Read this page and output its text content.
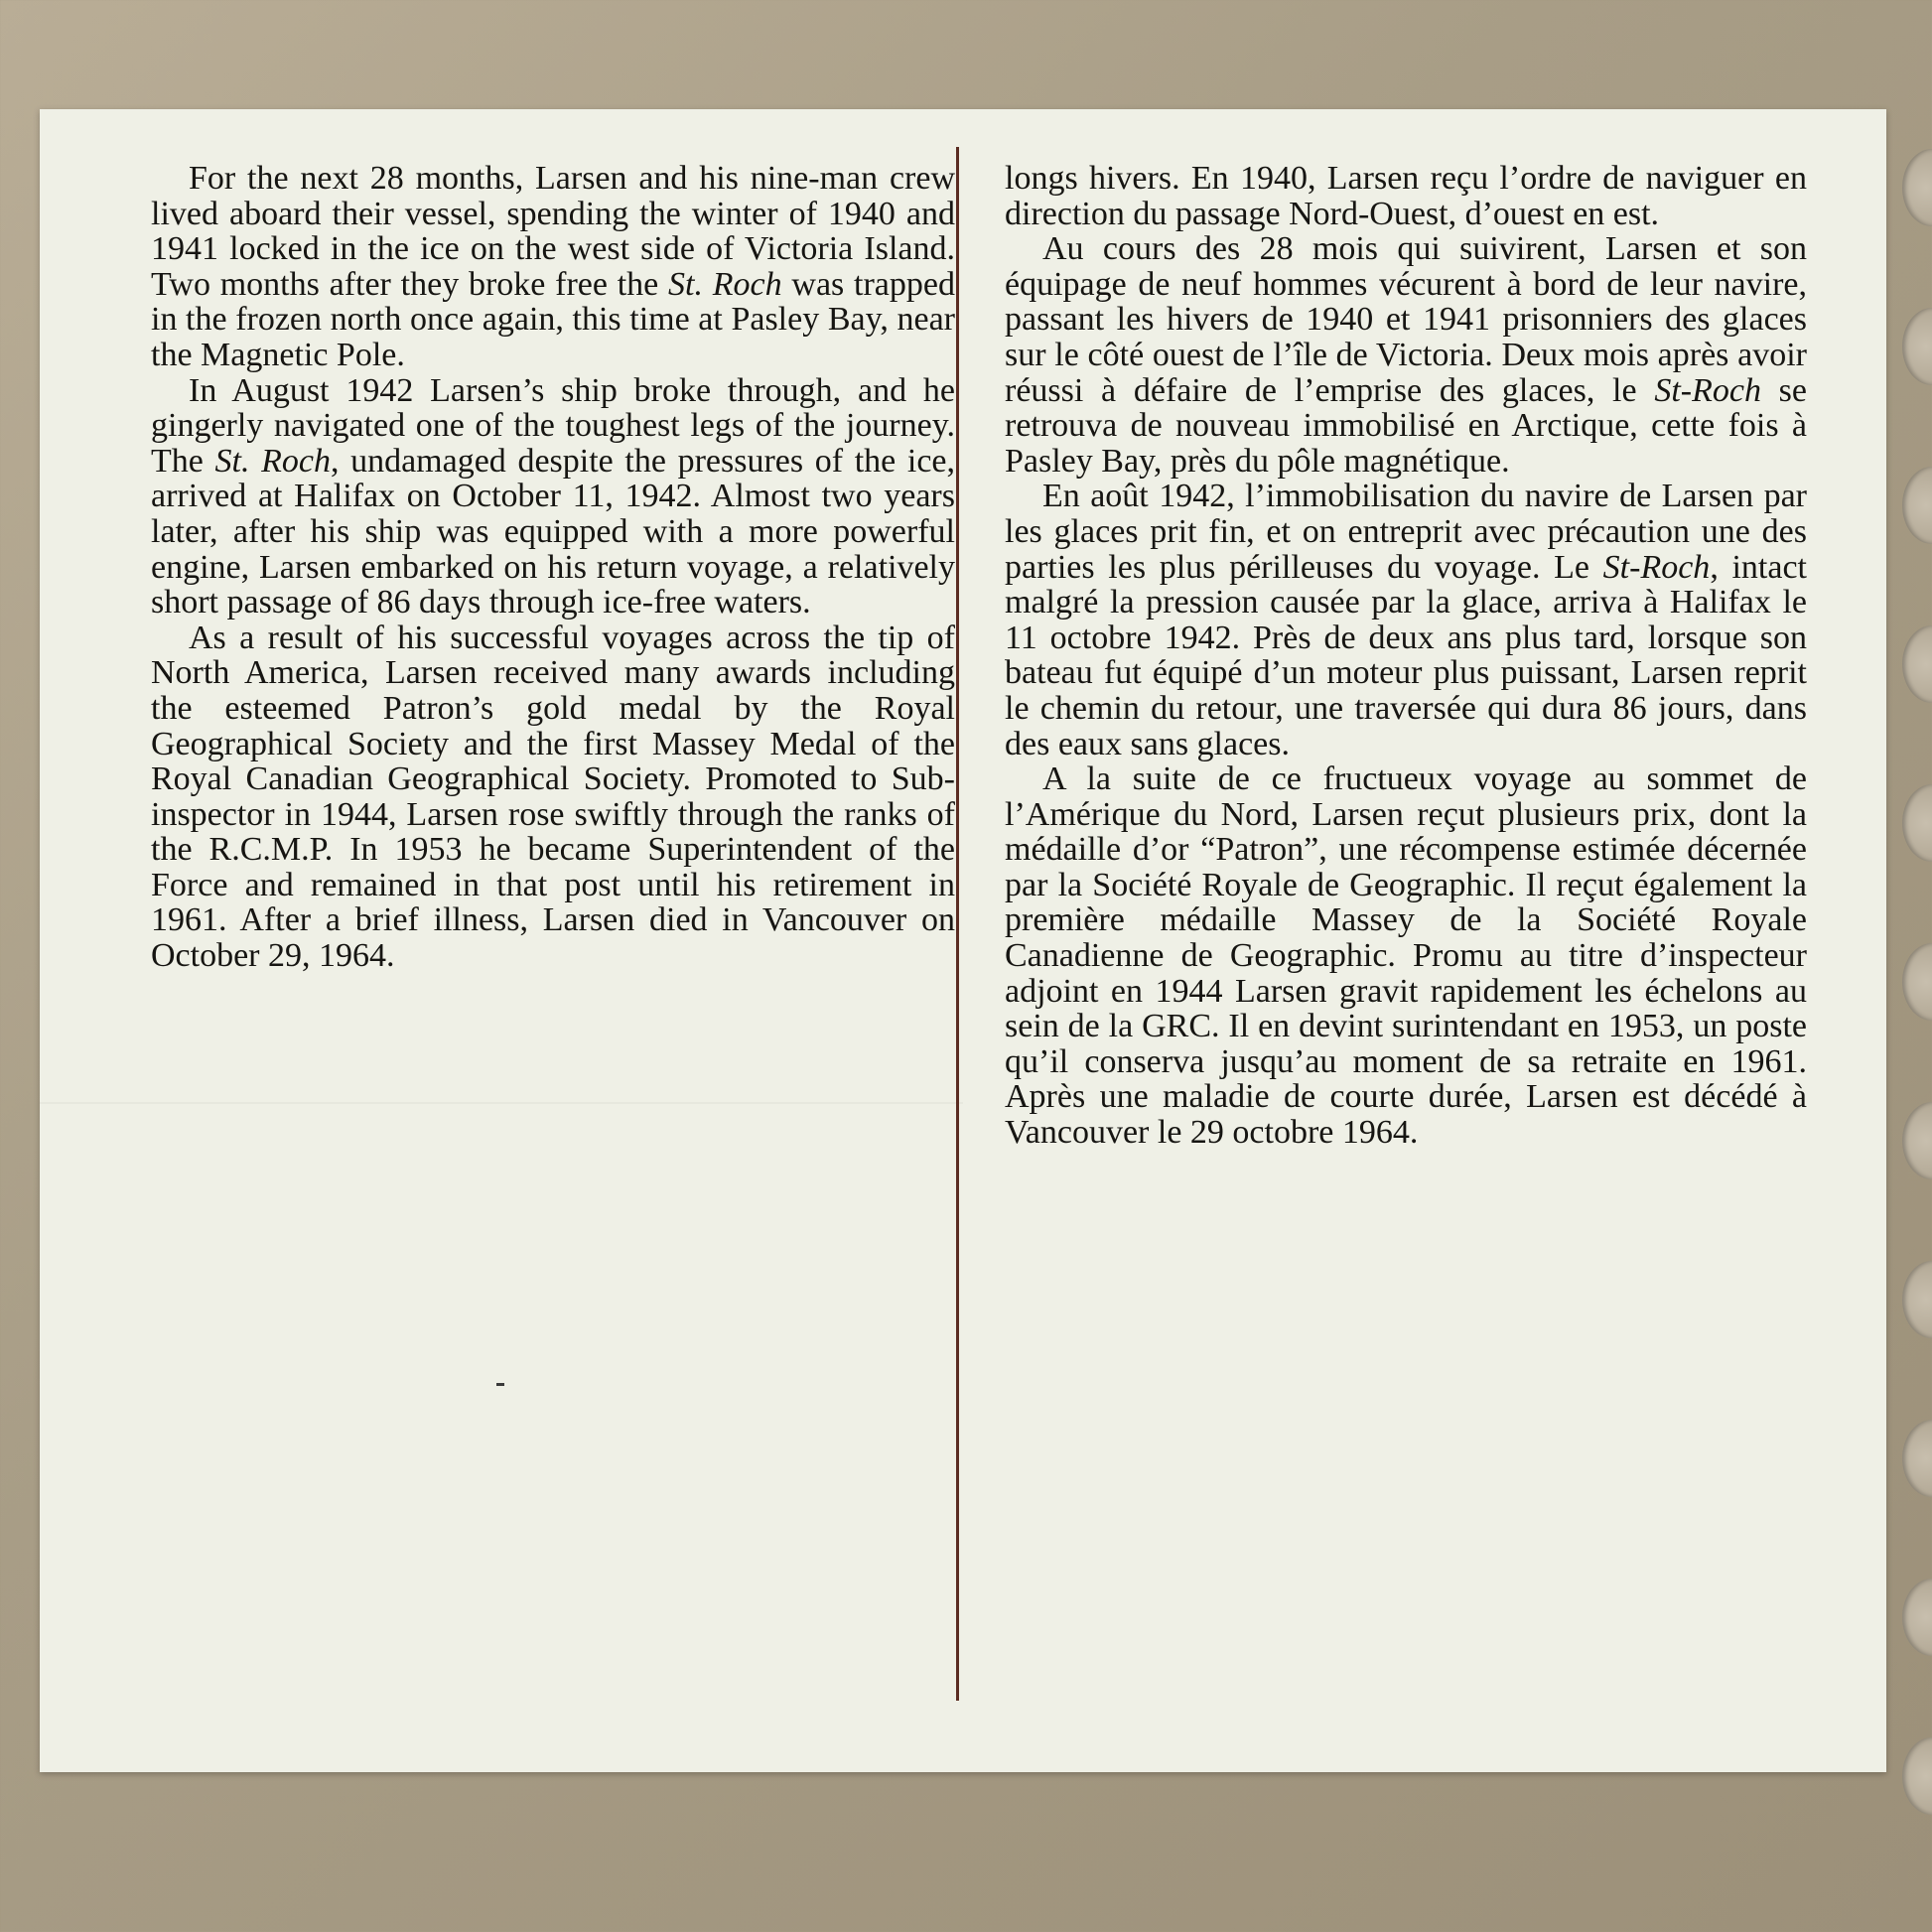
For the next 28 months, Larsen and his nine-man crew lived aboard their vessel, spending the winter of 1940 and 1941 locked in the ice on the west side of Victoria Island. Two months after they broke free the St. Roch was trapped in the frozen north once again, this time at Pasley Bay, near the Magnetic Pole.

In August 1942 Larsen’s ship broke through, and he gingerly navigated one of the toughest legs of the journey. The St. Roch, undamaged despite the pressures of the ice, arrived at Halifax on October 11, 1942. Almost two years later, after his ship was equipped with a more powerful engine, Larsen embarked on his return voyage, a relatively short passage of 86 days through ice-free waters.

As a result of his successful voyages across the tip of North America, Larsen received many awards including the esteemed Patron’s gold medal by the Royal Geographical Society and the first Massey Medal of the Royal Canadian Geographical Society. Promoted to Sub-inspector in 1944, Larsen rose swiftly through the ranks of the R.C.M.P. In 1953 he became Superintendent of the Force and remained in that post until his retirement in 1961. After a brief illness, Larsen died in Vancouver on October 29, 1964.

longs hivers. En 1940, Larsen reçu l’ordre de naviguer en direction du passage Nord-Ouest, d’ouest en est.

Au cours des 28 mois qui suivirent, Larsen et son équipage de neuf hommes vécurent à bord de leur navire, passant les hivers de 1940 et 1941 prisonniers des glaces sur le côté ouest de l’île de Victoria. Deux mois après avoir réussi à défaire de l’emprise des glaces, le St-Roch se retrouva de nouveau immobilisé en Arctique, cette fois à Pasley Bay, près du pôle magnétique.

En août 1942, l’immobilisation du navire de Larsen par les glaces prit fin, et on entreprit avec précaution une des parties les plus périlleuses du voyage. Le St-Roch, intact malgré la pression causée par la glace, arriva à Halifax le 11 octobre 1942. Près de deux ans plus tard, lorsque son bateau fut équipé d’un moteur plus puissant, Larsen reprit le chemin du retour, une traversée qui dura 86 jours, dans des eaux sans glaces.

A la suite de ce fructueux voyage au sommet de l’Amérique du Nord, Larsen reçut plusieurs prix, dont la médaille d’or “Patron”, une récompense estimée décernée par la Société Royale de Geographic. Il reçut également la première médaille Massey de la Société Royale Canadienne de Geographic. Promu au titre d’inspecteur adjoint en 1944 Larsen gravit rapidement les échelons au sein de la GRC. Il en devint surintendant en 1953, un poste qu’il conserva jusqu’au moment de sa retraite en 1961. Après une maladie de courte durée, Larsen est décédé à Vancouver le 29 octobre 1964.
